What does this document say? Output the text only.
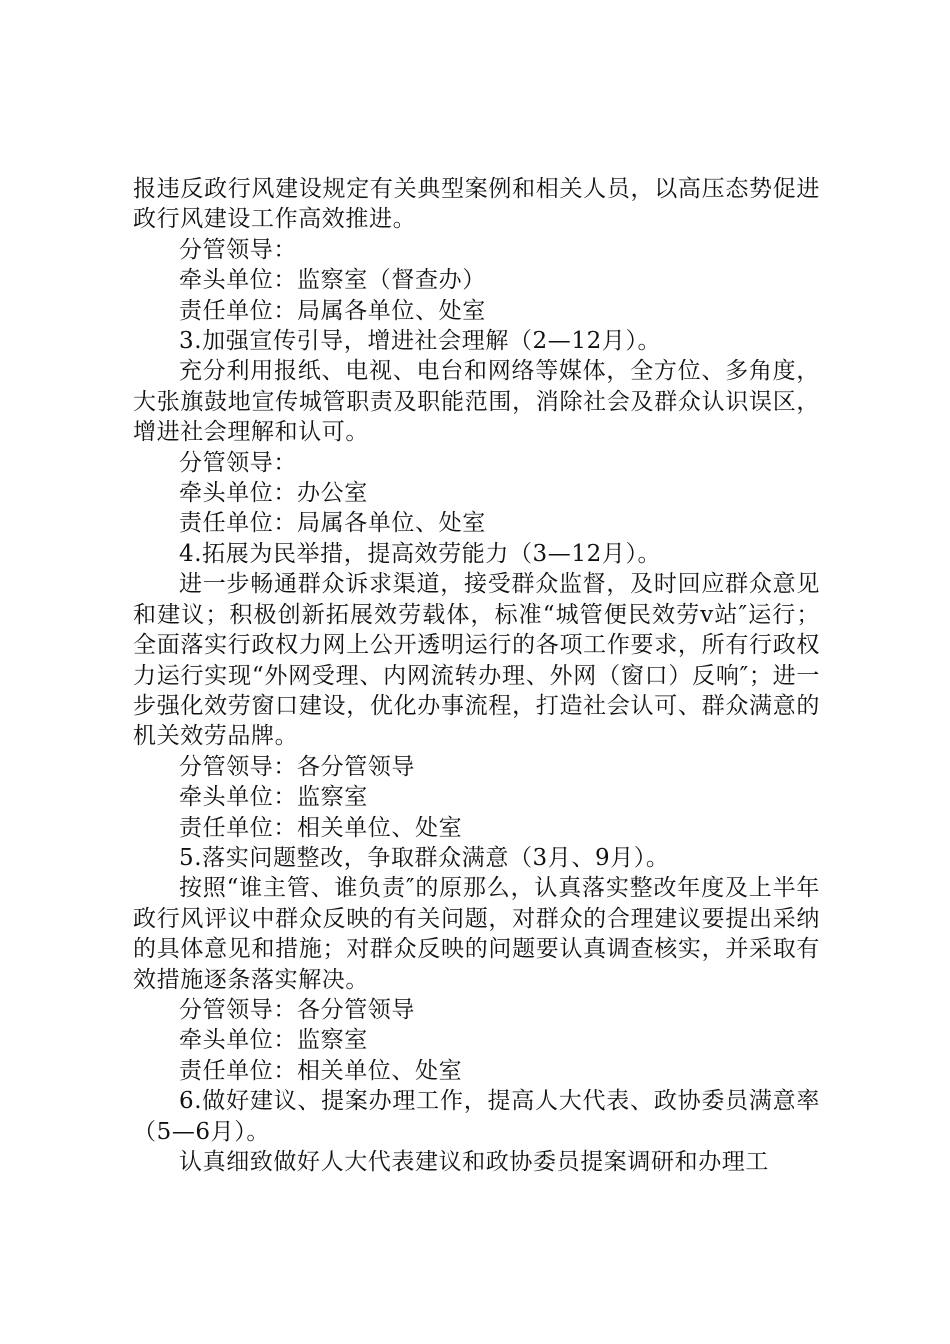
报违反政行风建设规定有关典型案例和相关人员，以高压态势促进政行风建设工作高效推进。

分管领导：

牵头单位：监察室（督查办）

责任单位：局属各单位、处室

3.加强宣传引导，增进社会理解（2—12月）。

充分利用报纸、电视、电台和网络等媒体，全方位、多角度，大张旗鼓地宣传城管职责及职能范围，消除社会及群众认识误区，增进社会理解和认可。

分管领导：

牵头单位：办公室

责任单位：局属各单位、处室

4.拓展为民举措，提高效劳能力（3—12月）。

进一步畅通群众诉求渠道，接受群众监督，及时回应群众意见和建议；积极创新拓展效劳载体，标准“城管便民效劳v站″运行；全面落实行政权力网上公开透明运行的各项工作要求，所有行政权力运行实现“外网受理、内网流转办理、外网（窗口）反响″；进一步强化效劳窗口建设，优化办事流程，打造社会认可、群众满意的机关效劳品牌。

分管领导：各分管领导

牵头单位：监察室

责任单位：相关单位、处室

5.落实问题整改，争取群众满意（3月、9月）。

按照“谁主管、谁负责″的原那么，认真落实整改年度及上半年政行风评议中群众反映的有关问题，对群众的合理建议要提出采纳的具体意见和措施；对群众反映的问题要认真调查核实，并采取有效措施逐条落实解决。

分管领导：各分管领导

牵头单位：监察室

责任单位：相关单位、处室

6.做好建议、提案办理工作，提高人大代表、政协委员满意率（5—6月）。

认真细致做好人大代表建议和政协委员提案调研和办理工
